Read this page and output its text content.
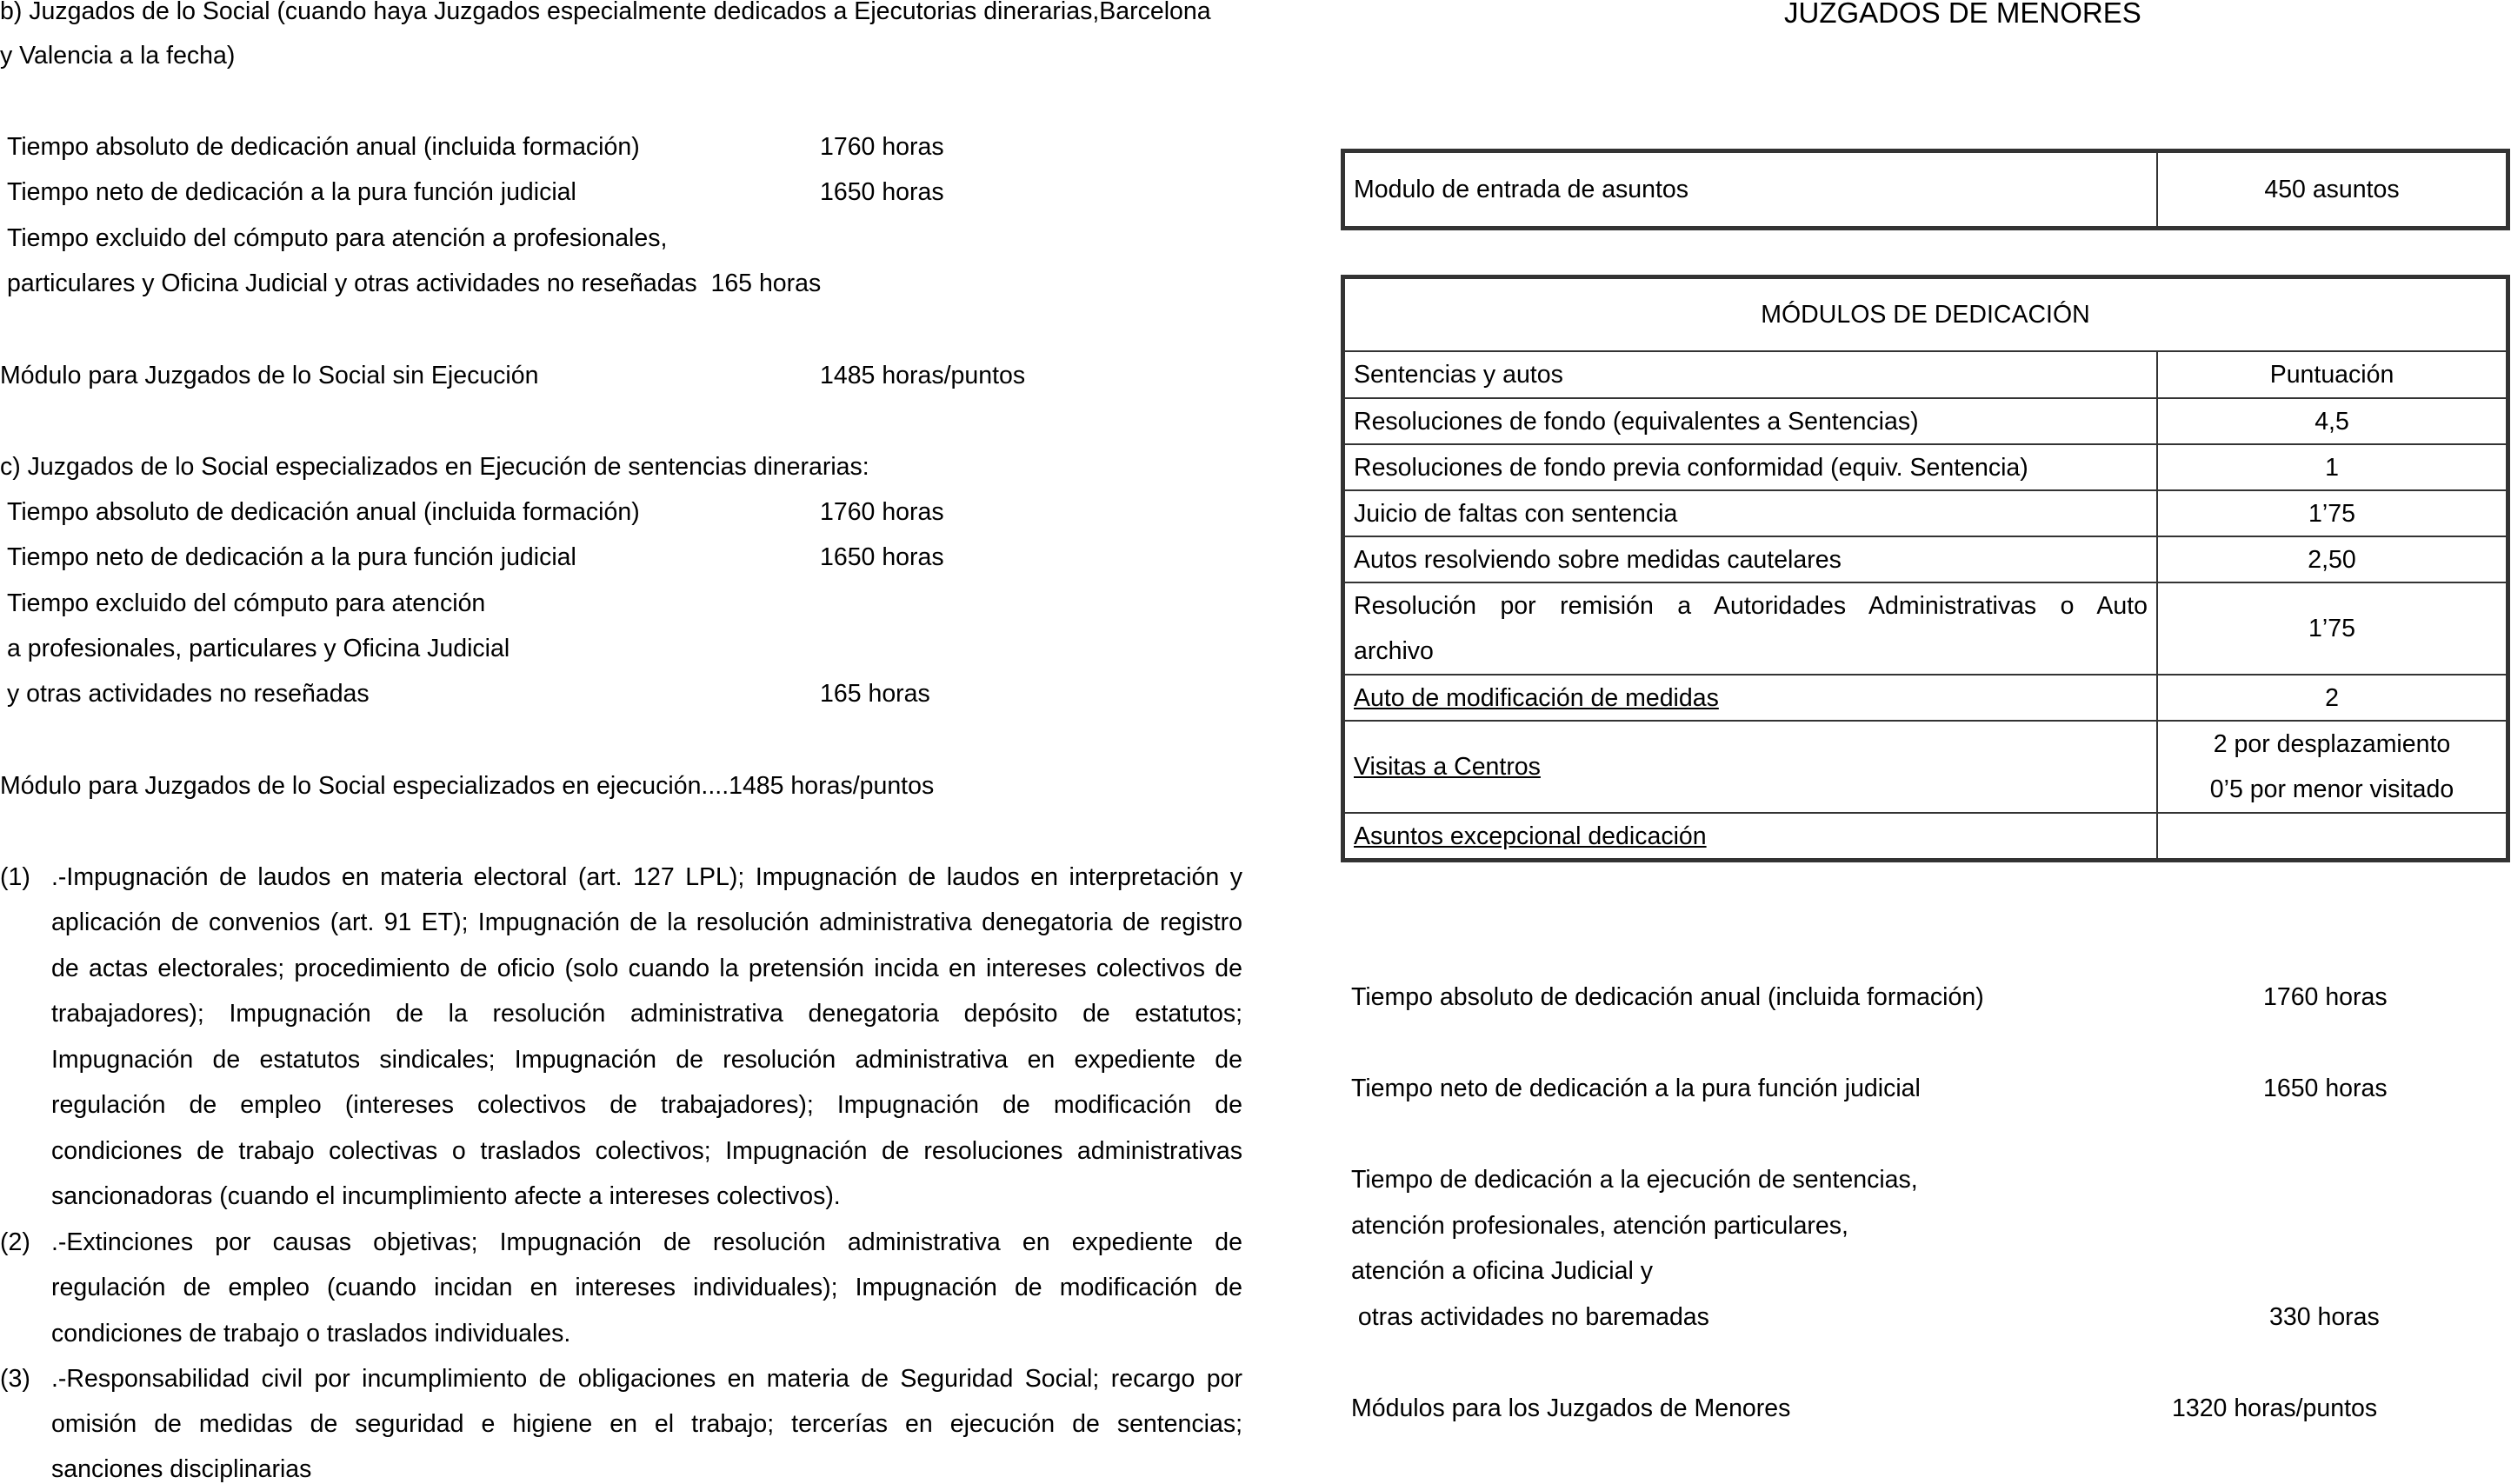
b) Juzgados de lo Social (cuando haya Juzgados especialmente dedicados a Ejecutorias dinerarias,Barcelona
y Valencia a la fecha)
Tiempo absoluto de dedicación anual (incluida formación)	1760 horas
Tiempo neto de dedicación a la pura función judicial	1650 horas
Tiempo excluido del cómputo para atención a profesionales,
particulares y Oficina Judicial y otras actividades no reseñadas  165 horas
Módulo para Juzgados de lo Social sin Ejecución	1485 horas/puntos
c) Juzgados de lo Social especializados en Ejecución de sentencias dinerarias:
Tiempo absoluto de dedicación anual (incluida formación)	1760 horas
Tiempo neto de dedicación a la pura función judicial	1650 horas
Tiempo excluido del cómputo para atención
a profesionales, particulares y Oficina Judicial
y otras actividades no reseñadas	165 horas
Módulo para Juzgados de lo Social especializados en ejecución....1485 horas/puntos
(1) .-Impugnación de laudos en materia electoral (art. 127 LPL); Impugnación de laudos en interpretación y
aplicación de convenios (art. 91 ET); Impugnación de la resolución administrativa denegatoria de registro
de actas electorales; procedimiento de oficio (solo cuando la pretensión incida en intereses colectivos de
trabajadores); Impugnación de la resolución administrativa denegatoria depósito de estatutos;
Impugnación de estatutos sindicales; Impugnación de resolución administrativa en expediente de
regulación de empleo (intereses colectivos de trabajadores); Impugnación de modificación de
condiciones de trabajo colectivas o traslados colectivos; Impugnación de resoluciones administrativas
sancionadoras (cuando el incumplimiento afecte a intereses colectivos).
(2) .-Extinciones por causas objetivas; Impugnación de resolución administrativa en expediente de
regulación de empleo (cuando incidan en intereses individuales); Impugnación de modificación de
condiciones de trabajo o traslados individuales.
(3) .-Responsabilidad civil por incumplimiento de obligaciones en materia de Seguridad Social; recargo por
omisión de medidas de seguridad e higiene en el trabajo; tercerías en ejecución de sentencias;
sanciones disciplinarias
JUZGADOS DE MENORES
Modulo de entrada de asuntos	450 asuntos
MÓDULOS DE DEDICACIÓN	
Sentencias y autos	Puntuación
Resoluciones de fondo (equivalentes a Sentencias)	4,5
Resoluciones de fondo previa conformidad (equiv. Sentencia)	1
Juicio de faltas con sentencia	1’75
Autos resolviendo sobre medidas cautelares	2,50

Resolución por remisión a Autoridades Administrativas o Auto
archivo	1’75
Auto de modificación de medidas	2
Visitas a Centros	2 por desplazamiento
0’5 por menor visitado

Asuntos excepcional dedicación	
Tiempo absoluto de dedicación anual (incluida formación)	1760 horas
Tiempo neto de dedicación a la pura función judicial	1650 horas
Tiempo de dedicación a la ejecución de sentencias,
atención profesionales, atención particulares,
atención a oficina Judicial y
otras actividades no baremadas	330 horas
Módulos para los Juzgados de Menores	1320 horas/puntos
